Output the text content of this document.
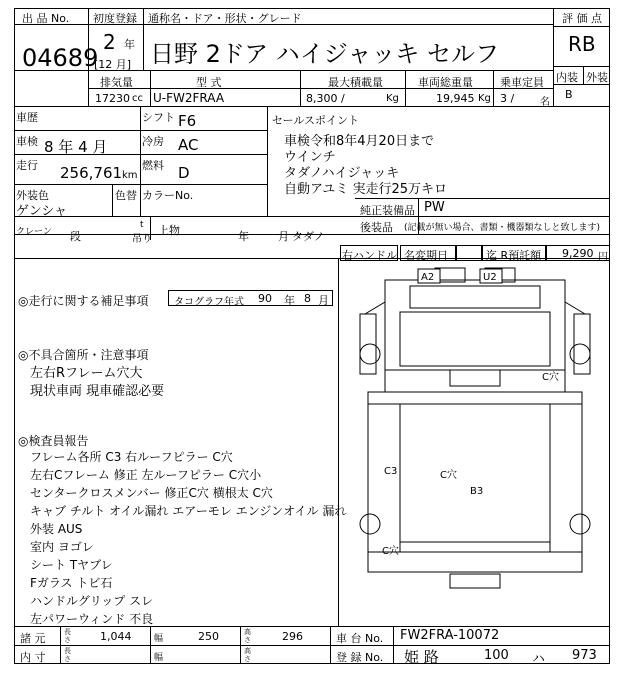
出 品 No.
04689
初度登録
2 年
[12 月]
通称名・ドア・形状・グレード
日野 2ドア ハイジャッキ セルフ
評 価 点
RB
内装 外装
B
排気量
17230 cc
型 式
U-FW2FRAA
最大積載量
8,300 /	Kg
車両総重量
19,945 Kg
乗車定員
3 /	名
車歴	シフト F6
車検 8 年 4 月	冷房 AC
走行 256,761 km
燃料 D
外装色
ゲンシャ
色替 カラーNo.
セールスポイント
車検令和8年4月20日まで
ウインチ
タダノハイジャッキ
自動アユミ 実走行25万キロ
純正装備品 PW
後装品 (記載が無い場合、書類・機器類なしと致します)
クレーン 段
t
吊り
上物	年	月 タダノ
右ハンドル 名変期日	迄 R預託額 9,290 円
◎走行に関する補足事項	タコグラフ年式 90 年 8 月
◎不具合箇所・注意事項
左右Rフレーム穴大
現状車両 現車確認必要
◎検査員報告
フレーム各所 C3 右ルーフピラー C穴
左右Cフレーム 修正 左ルーフピラー C穴小
センタークロスメンバー 修正C穴 横根太 C穴
キャブ チルト オイル漏れ エアーモレ エンジンオイル 漏れ
外装 AUS
室内 ヨゴレ
シート Tヤブレ
Fガラス トビ石
ハンドルグリップ スレ
左パワーウィンド 不良
A2	U2
C穴
C3	C穴
B3
C穴
諸 元	長さ	1,044	幅	250	高さ	296	車 台 No. FW2FRA-10072
内 寸	長さ	幅
高さ	登 録 No. 姫 路	100 ハ 973
